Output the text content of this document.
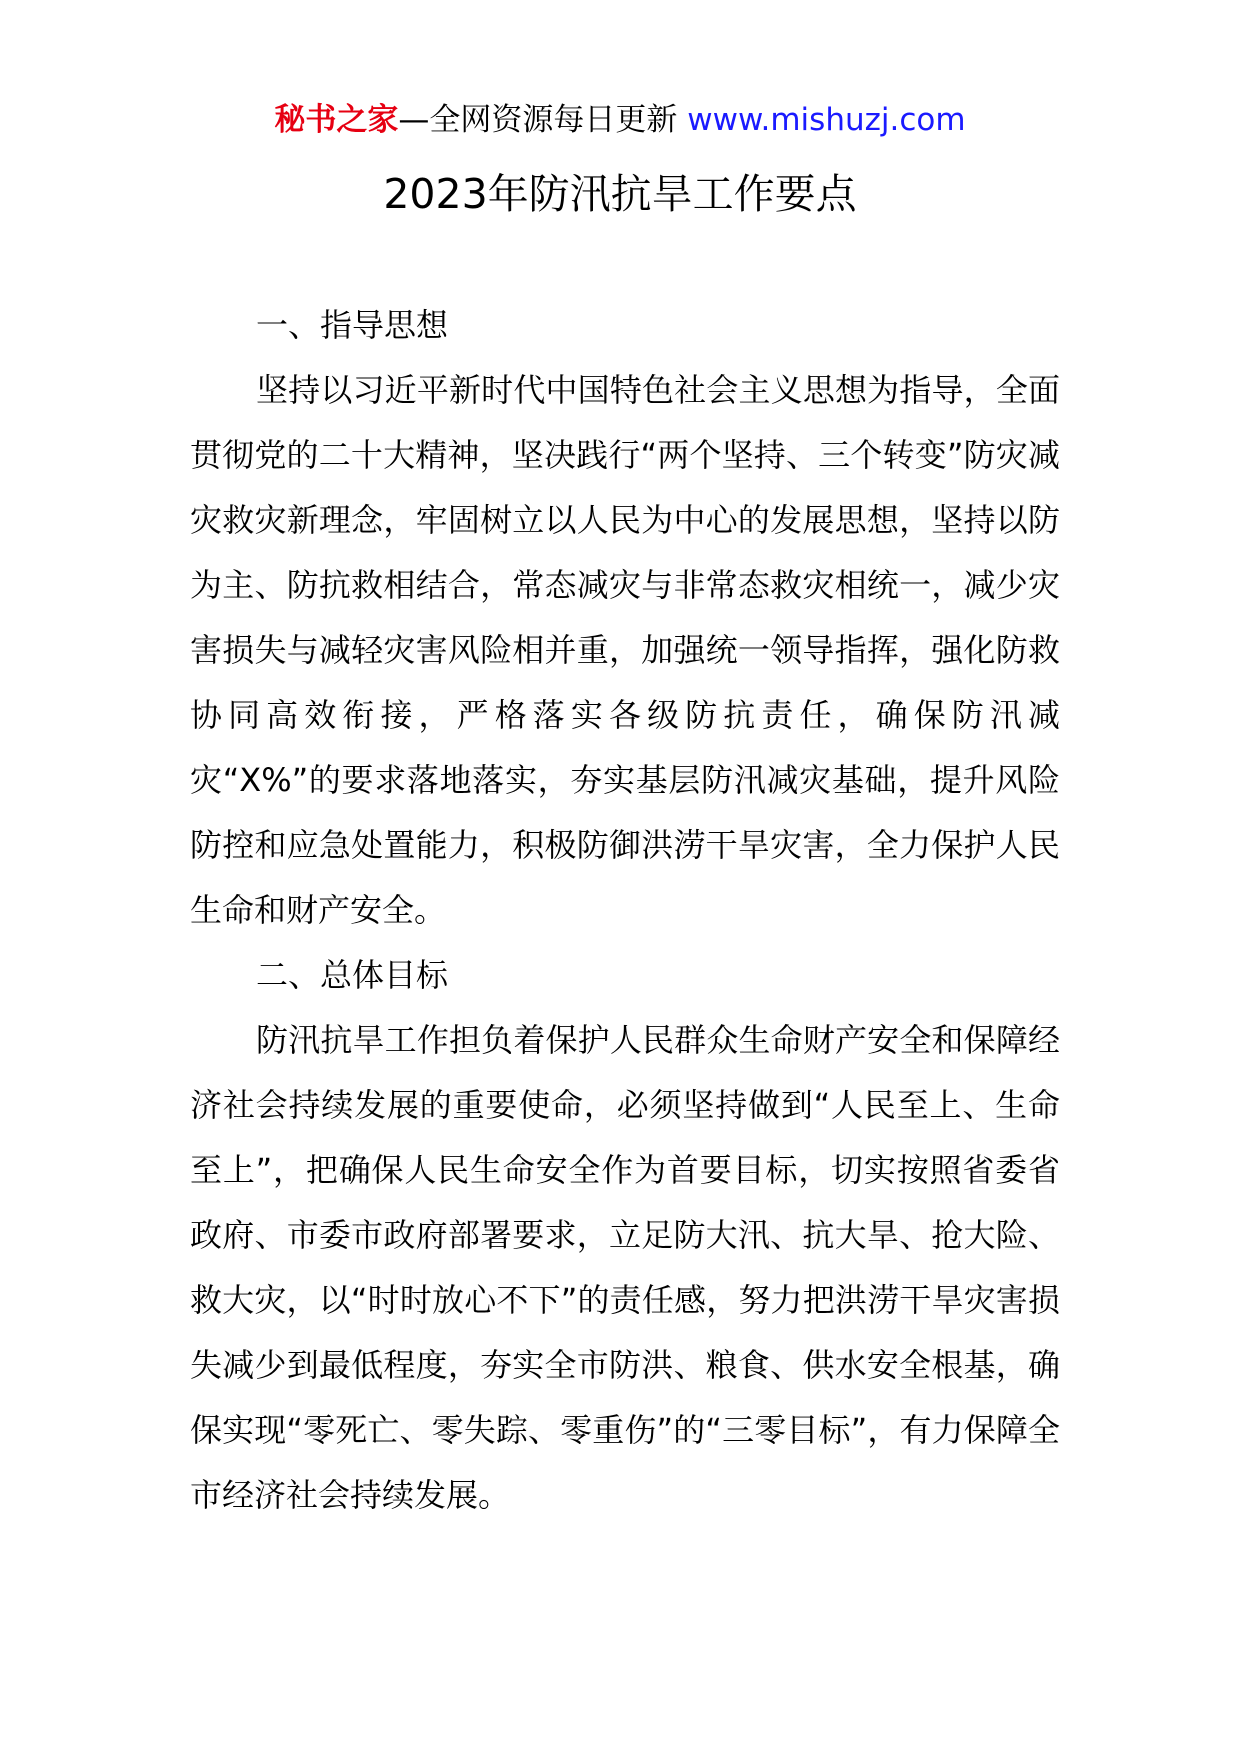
秘书之家—全网资源每日更新 www.mishuzj.com
2023年防汛抗旱工作要点
一、指导思想

坚持以习近平新时代中国特色社会主义思想为指导，全面贯彻党的二十大精神，坚决践行“两个坚持、三个转变”防灾减灾救灾新理念，牢固树立以人民为中心的发展思想，坚持以防为主、防抗救相结合，常态减灾与非常态救灾相统一，减少灾害损失与减轻灾害风险相并重，加强统一领导指挥，强化防救协同高效衔接，严格落实各级防抗责任，确保防汛减灾“X%”的要求落地落实，夯实基层防汛减灾基础，提升风险防控和应急处置能力，积极防御洪涝干旱灾害，全力保护人民生命和财产安全。

二、总体目标

防汛抗旱工作担负着保护人民群众生命财产安全和保障经济社会持续发展的重要使命，必须坚持做到“人民至上、生命至上”，把确保人民生命安全作为首要目标，切实按照省委省政府、市委市政府部署要求，立足防大汛、抗大旱、抢大险、救大灾，以“时时放心不下”的责任感，努力把洪涝干旱灾害损失减少到最低程度，夯实全市防洪、粮食、供水安全根基，确保实现“零死亡、零失踪、零重伤”的“三零目标”，有力保障全市经济社会持续发展。
